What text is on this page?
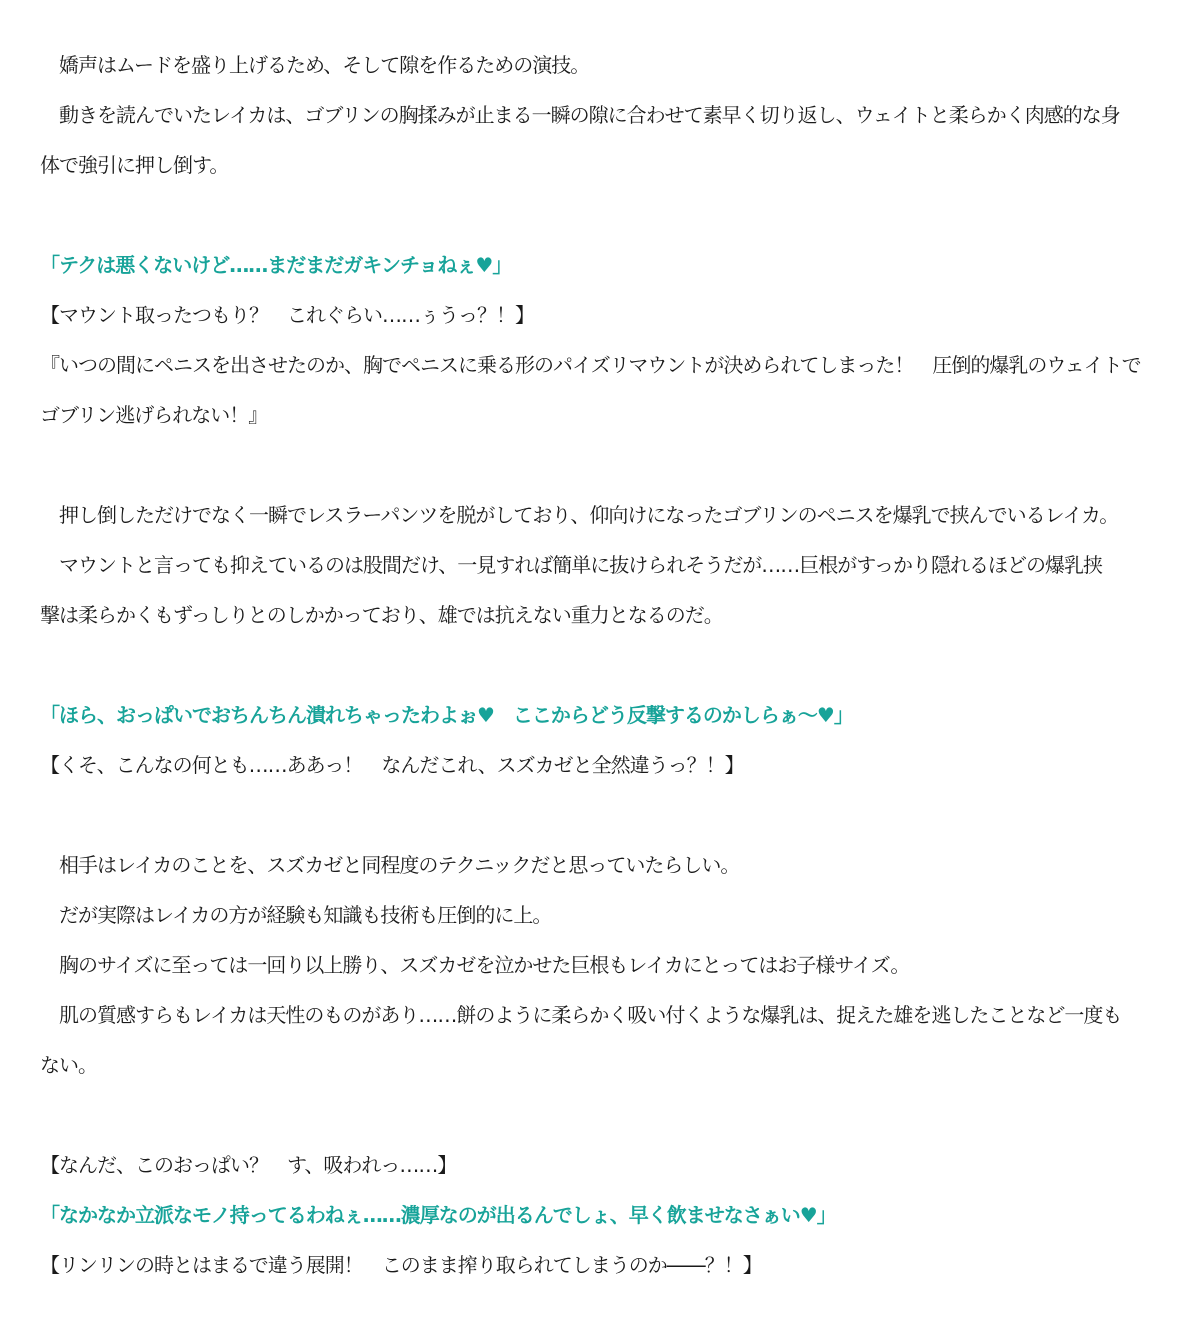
　嬌声はムードを盛り上げるため、そして隙を作るための演技。
　動きを読んでいたレイカは、ゴブリンの胸揉みが止まる一瞬の隙に合わせて素早く切り返し、ウェイトと柔らかく肉感的な身
体で強引に押し倒す。
「テクは悪くないけど……まだまだガキンチョねぇ♥」
【マウント取ったつもり？　これぐらい……ぅうっ？！】
『いつの間にペニスを出させたのか、胸でペニスに乗る形のパイズリマウントが決められてしまった！　圧倒的爆乳のウェイトで
ゴブリン逃げられない！』
　押し倒しただけでなく一瞬でレスラーパンツを脱がしており、仰向けになったゴブリンのペニスを爆乳で挟んでいるレイカ。
　マウントと言っても抑えているのは股間だけ、一見すれば簡単に抜けられそうだが……巨根がすっかり隠れるほどの爆乳挟
撃は柔らかくもずっしりとのしかかっており、雄では抗えない重力となるのだ。
「ほら、おっぱいでおちんちん潰れちゃったわよぉ♥　ここからどう反撃するのかしらぁ～♥」
【くそ、こんなの何とも……ああっ！　なんだこれ、スズカゼと全然違うっ？！】
　相手はレイカのことを、スズカゼと同程度のテクニックだと思っていたらしい。
　だが実際はレイカの方が経験も知識も技術も圧倒的に上。
　胸のサイズに至っては一回り以上勝り、スズカゼを泣かせた巨根もレイカにとってはお子様サイズ。
　肌の質感すらもレイカは天性のものがあり……餅のように柔らかく吸い付くような爆乳は、捉えた雄を逃したことなど一度も
ない。
【なんだ、このおっぱい？　す、吸われっ……】
「なかなか立派なモノ持ってるわねぇ……濃厚なのが出るんでしょ、早く飲ませなさぁい♥」
【リンリンの時とはまるで違う展開！　このまま搾り取られてしまうのか――？！】
